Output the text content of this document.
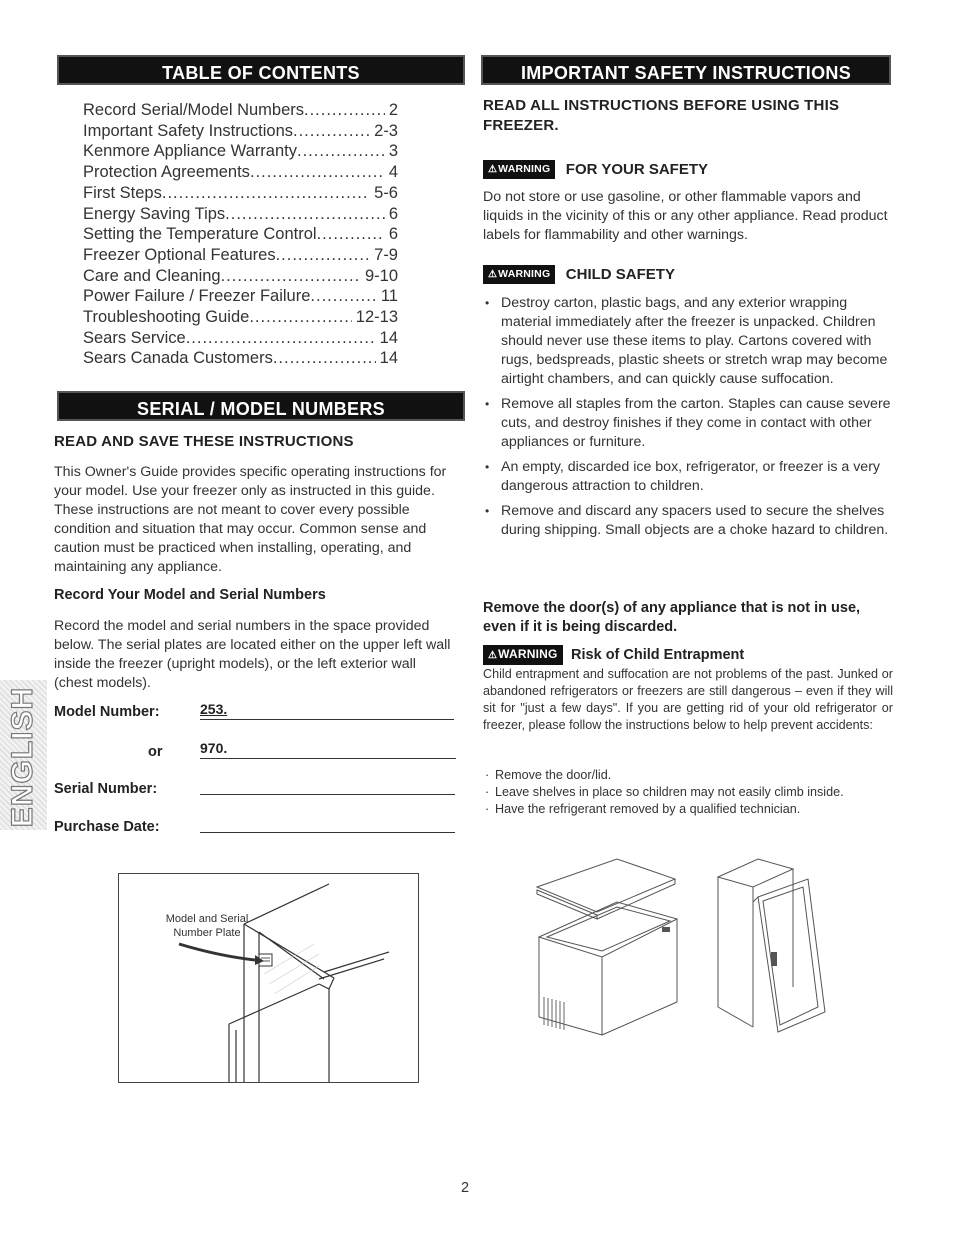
TABLE OF CONTENTS
Record Serial/Model Numbers .....	2
Important Safety Instructions .....	2-3
Kenmore Appliance Warranty .....	3
Protection Agreements .....	4
First Steps .....	5-6
Energy Saving Tips .....	6
Setting the Temperature Control .....	6
Freezer Optional Features .....	7-9
Care and Cleaning .....	9-10
Power Failure / Freezer Failure .....	11
Troubleshooting Guide .....	12-13
Sears Service .....	14
Sears Canada Customers .....	14
SERIAL / MODEL NUMBERS
READ AND SAVE THESE INSTRUCTIONS
This Owner's Guide provides specific operating instructions for your model. Use your freezer only as instructed in this guide. These instructions are not meant to cover every possible condition and situation that may occur. Common sense and caution must be practiced when installing, operating, and maintaining any appliance.
Record Your Model and Serial Numbers
Record the model and serial numbers in the space provided below. The serial plates are located either on the upper left wall inside the freezer (upright models), or the left exterior wall (chest models).
ENGLISH Model Number:	253.
or	970.
Serial Number:
Purchase Date:
Model and Serial Number Plate
IMPORTANT SAFETY INSTRUCTIONS
READ ALL INSTRUCTIONS BEFORE USING THIS FREEZER.
⚠WARNING FOR YOUR SAFETY
Do not store or use gasoline, or other flammable vapors and liquids in the vicinity of this or any other appliance. Read product labels for flammability and other warnings.
⚠WARNING CHILD SAFETY
• Destroy carton, plastic bags, and any exterior wrapping material immediately after the freezer is unpacked. Children should never use these items to play. Cartons covered with rugs, bedspreads, plastic sheets or stretch wrap may become airtight chambers, and can quickly cause suffocation.
• Remove all staples from the carton. Staples can cause severe cuts, and destroy finishes if they come in contact with other appliances or furniture.
• An empty, discarded ice box, refrigerator, or freezer is a very dangerous attraction to children.
• Remove and discard any spacers used to secure the shelves during shipping. Small objects are a choke hazard to children.
Remove the door(s) of any appliance that is not in use, even if it is being discarded.
⚠WARNING Risk of Child Entrapment
Child entrapment and suffocation are not problems of the past. Junked or abandoned refrigerators or freezers are still dangerous – even if they will sit for "just a few days". If you are getting rid of your old refrigerator or freezer, please follow the instructions below to help prevent accidents:
· Remove the door/lid.
· Leave shelves in place so children may not easily climb inside.
· Have the refrigerant removed by a qualified technician.
2
